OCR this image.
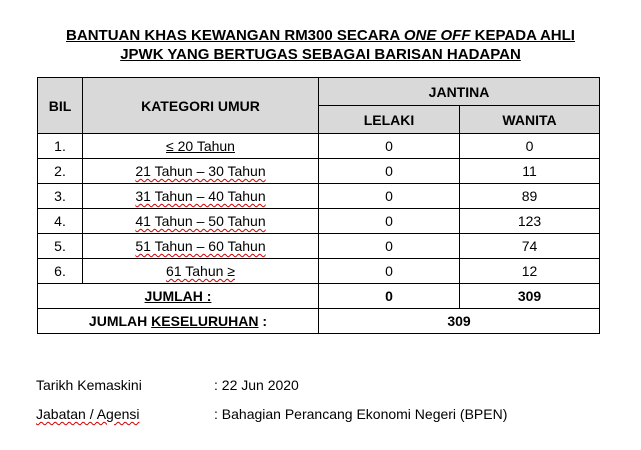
BANTUAN KHAS KEWANGAN RM300 SECARA ONE OFF KEPADA AHLI
JPWK YANG BERTUGAS SEBAGAI BARISAN HADAPAN
BIL	KATEGORI UMUR	JANTINA	
		LELAKI	WANITA
1.	≤ 20 Tahun	0	0
2.	21 Tahun – 30 Tahun	0	11
3.	31 Tahun – 40 Tahun	0	89
4.	41 Tahun – 50 Tahun	0	123
5.	51 Tahun – 60 Tahun	0	74
6.	61 Tahun ≥	0	12
JUMLAH :		0	309
JUMLAH KESELURUHAN :		309	
Tarikh Kemaskini	: 22 Jun 2020
Jabatan / Agensi	: Bahagian Perancang Ekonomi Negeri (BPEN)
